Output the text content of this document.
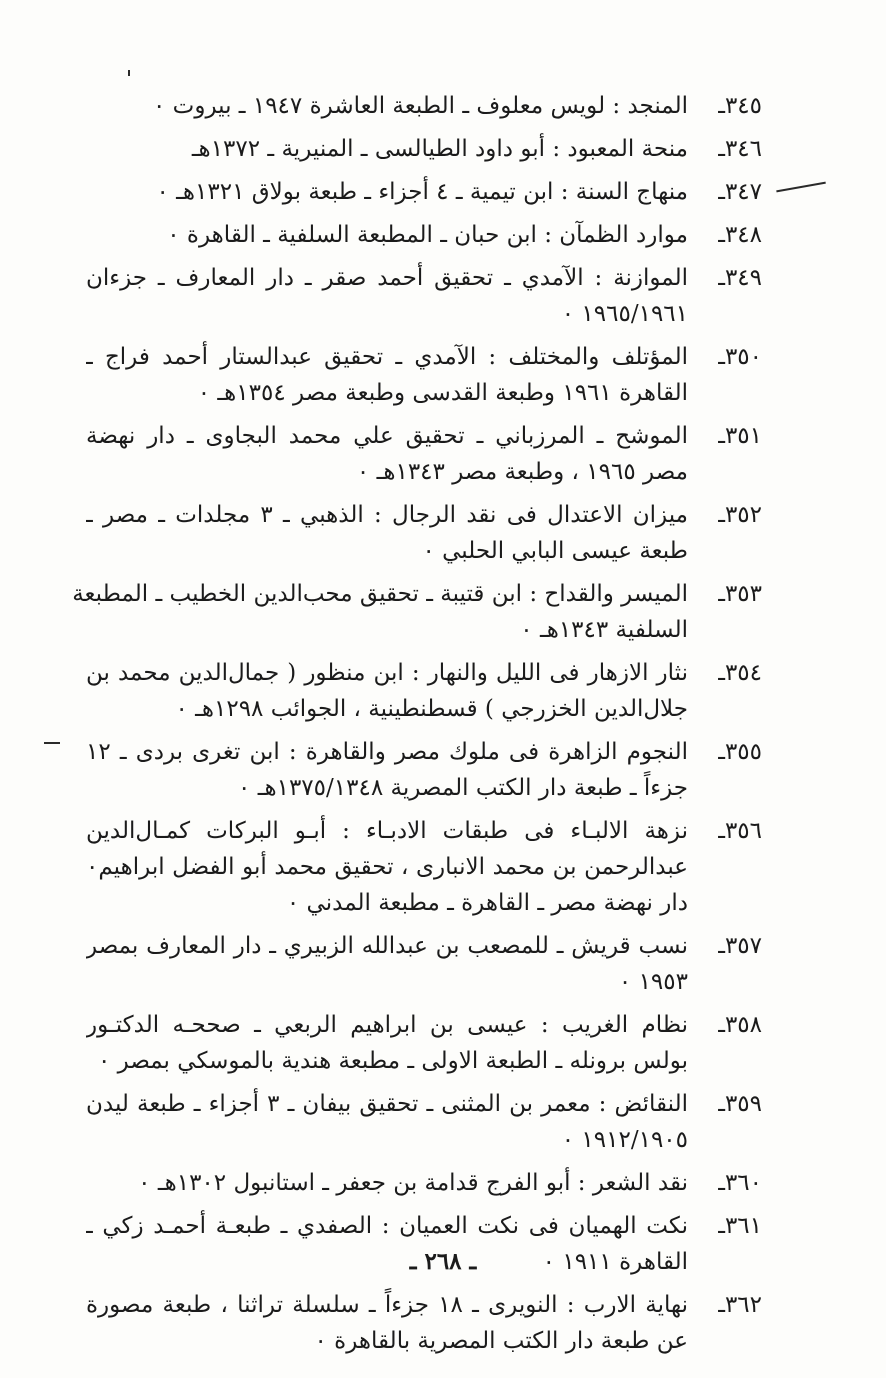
٣٤٥ـ
المنجد : لويس معلوف ـ الطبعة العاشرة ١٩٤٧ ـ بيروت ٠
٣٤٦ـ
منحة المعبود : أبو داود الطيالسى ـ المنيرية ـ ١٣٧٢هـ
٣٤٧ـ
منهاج السنة : ابن تيمية ـ ٤ أجزاء ـ طبعة بولاق ١٣٢١هـ ٠
٣٤٨ـ
موارد الظمآن : ابن حبان ـ المطبعة السلفية ـ القاهرة ٠
٣٤٩ـ
الموازنة : الآمدي ـ تحقيق أحمد صقر ـ دار المعارف ـ جزءان
١٩٦٥/١٩٦١ ٠
٣٥٠ـ
المؤتلف والمختلف : الآمدي ـ تحقيق عبدالستار أحمد فراج ـ
القاهرة ١٩٦١ وطبعة القدسى وطبعة مصر ١٣٥٤هـ ٠
٣٥١ـ
الموشح ـ المرزباني ـ تحقيق علي محمد البجاوى ـ دار نهضة
مصر ١٩٦٥ ، وطبعة مصر ١٣٤٣هـ ٠
٣٥٢ـ
ميزان الاعتدال فى نقد الرجال : الذهبي ـ ٣ مجلدات ـ مصر ـ
طبعة عيسى البابي الحلبي ٠
٣٥٣ـ
الميسر والقداح : ابن قتيبة ـ تحقيق محب‌الدين الخطيب ـ المطبعة
السلفية ١٣٤٣هـ ٠
٣٥٤ـ
نثار الازهار فى الليل والنهار : ابن منظور ( جمال‌الدين محمد بن
جلال‌الدين الخزرجي ) قسطنطينية ، الجوائب ١٢٩٨هـ ٠
٣٥٥ـ
النجوم الزاهرة فى ملوك مصر والقاهرة : ابن تغرى بردى ـ ١٢
جزءاً ـ طبعة دار الكتب المصرية ١٣٧٥/١٣٤٨هـ ٠
٣٥٦ـ
نزهة الالبـاء فى طبقات الادبـاء : أبـو البركات كمـال‌الدين
عبدالرحمن بن محمد الانبارى ، تحقيق محمد أبو الفضل ابراهيم٠
دار نهضة مصر ـ القاهرة ـ مطبعة المدني ٠
٣٥٧ـ
نسب قريش ـ للمصعب بن عبدالله الزبيري ـ دار المعارف بمصر
١٩٥٣ ٠
٣٥٨ـ
نظام الغريب : عيسى بن ابراهيم الربعي ـ صححـه الدكتـور
بولس برونله ـ الطبعة الاولى ـ مطبعة هندية بالموسكي بمصر ٠
٣٥٩ـ
النقائض : معمر بن المثنى ـ تحقيق بيفان ـ ٣ أجزاء ـ طبعة ليدن
١٩١٢/١٩٠٥ ٠
٣٦٠ـ
نقد الشعر : أبو الفرج قدامة بن جعفر ـ استانبول ١٣٠٢هـ ٠
٣٦١ـ
نكت الهميان فى نكت العميان : الصفدي ـ طبعـة أحمـد زكي ـ
القاهرة ١٩١١ ٠
٣٦٢ـ
نهاية الارب : النويرى ـ ١٨ جزءاً ـ سلسلة تراثنا ، طبعة مصورة
عن طبعة دار الكتب المصرية بالقاهرة ٠
ـ ٢٦٨ ـ
